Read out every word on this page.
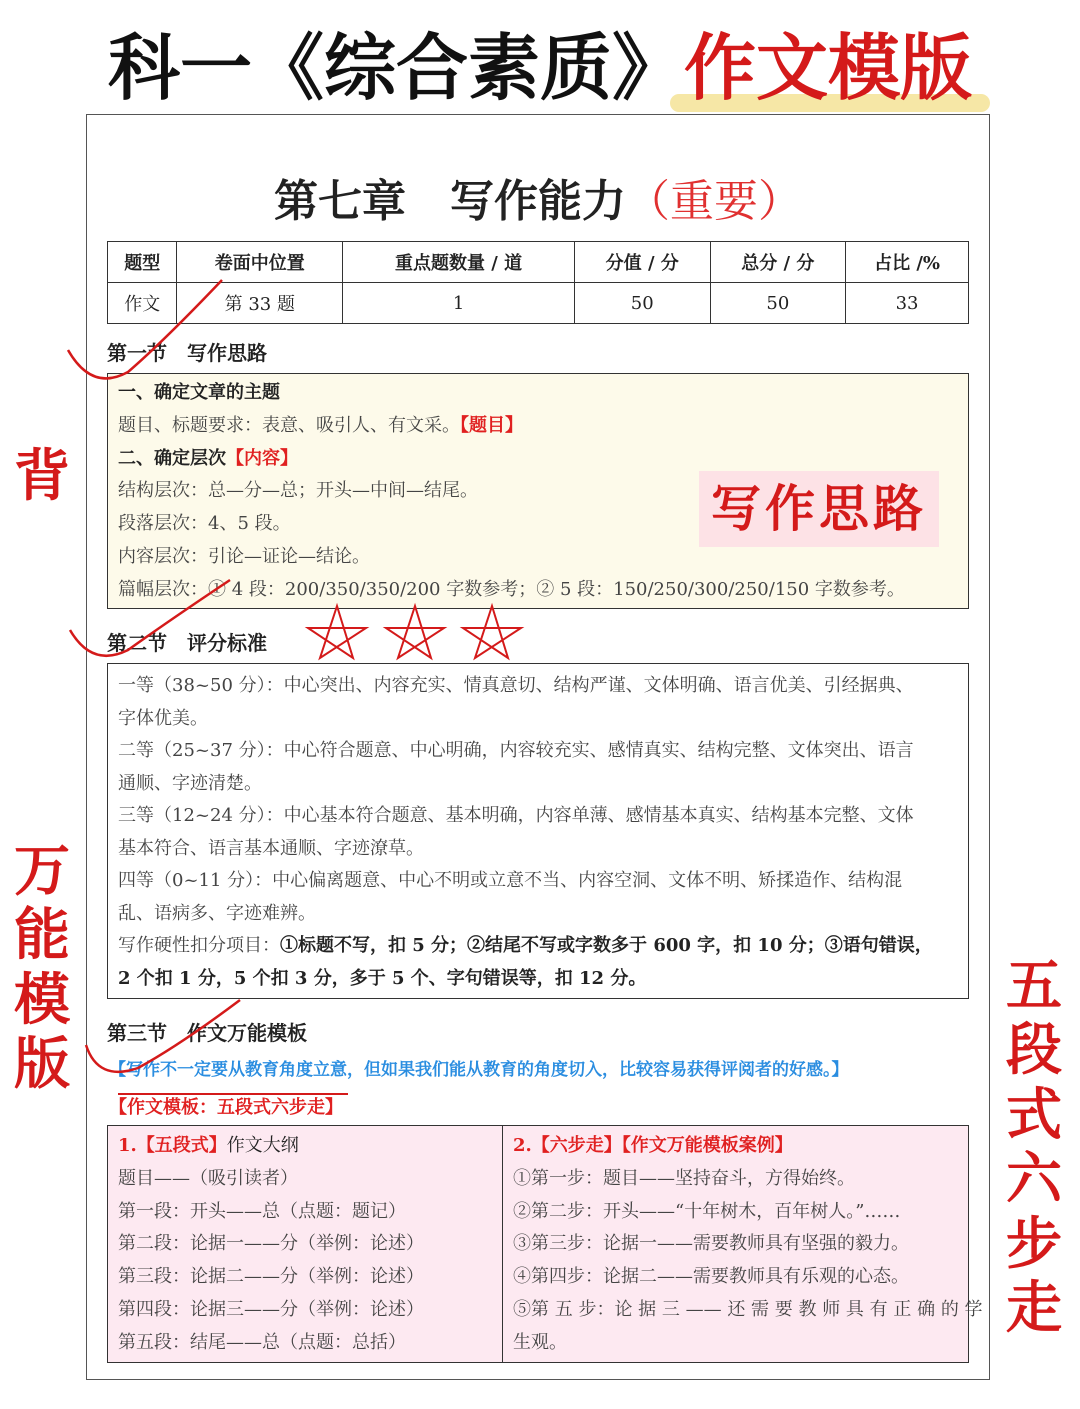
科一《综合素质》作文模版
第七章　写作能力（重要）
题型	卷面中位置	重点题数量 / 道	分值 / 分	总分 / 分	占比 /%
作文	第 33 题	1	50	50	33
第一节　写作思路
一、确定文章的主题
题目、标题要求：表意、吸引人、有文采。【题目】
二、确定层次【内容】
结构层次：总—分—总；开头—中间—结尾。
段落层次：4、5 段。
内容层次：引论—证论—结论。
篇幅层次：① 4 段：200/350/350/200 字数参考；② 5 段：150/250/300/250/150 字数参考。
写作思路
第二节　评分标准
一等（38~50 分）：中心突出、内容充实、情真意切、结构严谨、文体明确、语言优美、引经据典、
字体优美。
二等（25~37 分）：中心符合题意、中心明确，内容较充实、感情真实、结构完整、文体突出、语言
通顺、字迹清楚。
三等（12~24 分）：中心基本符合题意、基本明确，内容单薄、感情基本真实、结构基本完整、文体
基本符合、语言基本通顺、字迹潦草。
四等（0~11 分）：中心偏离题意、中心不明或立意不当、内容空洞、文体不明、矫揉造作、结构混
乱、语病多、字迹难辨。
写作硬性扣分项目：①标题不写，扣 5 分；②结尾不写或字数多于 600 字，扣 10 分；③语句错误，
2 个扣 1 分，5 个扣 3 分，多于 5 个、字句错误等，扣 12 分。
第三节　作文万能模板
【写作不一定要从教育角度立意，但如果我们能从教育的角度切入，比较容易获得评阅者的好感。】
【作文模板：五段式六步走】
1.【五段式】作文大纲
题目——（吸引读者）
第一段：开头——总（点题：题记）
第二段：论据一——分（举例：论述）
第三段：论据二——分（举例：论述）
第四段：论据三——分（举例：论述）
第五段：结尾——总（点题：总括）
2.【六步走】【作文万能模板案例】
①第一步：题目——坚持奋斗，方得始终。
②第二步：开头——“十年树木，百年树人。”……
③第三步：论据一——需要教师具有坚强的毅力。
④第四步：论据二——需要教师具有乐观的心态。
⑤第 五 步：论 据 三 —— 还 需 要 教 师 具 有 正 确 的 学
生观。
背
万能模版
五段式六步走
